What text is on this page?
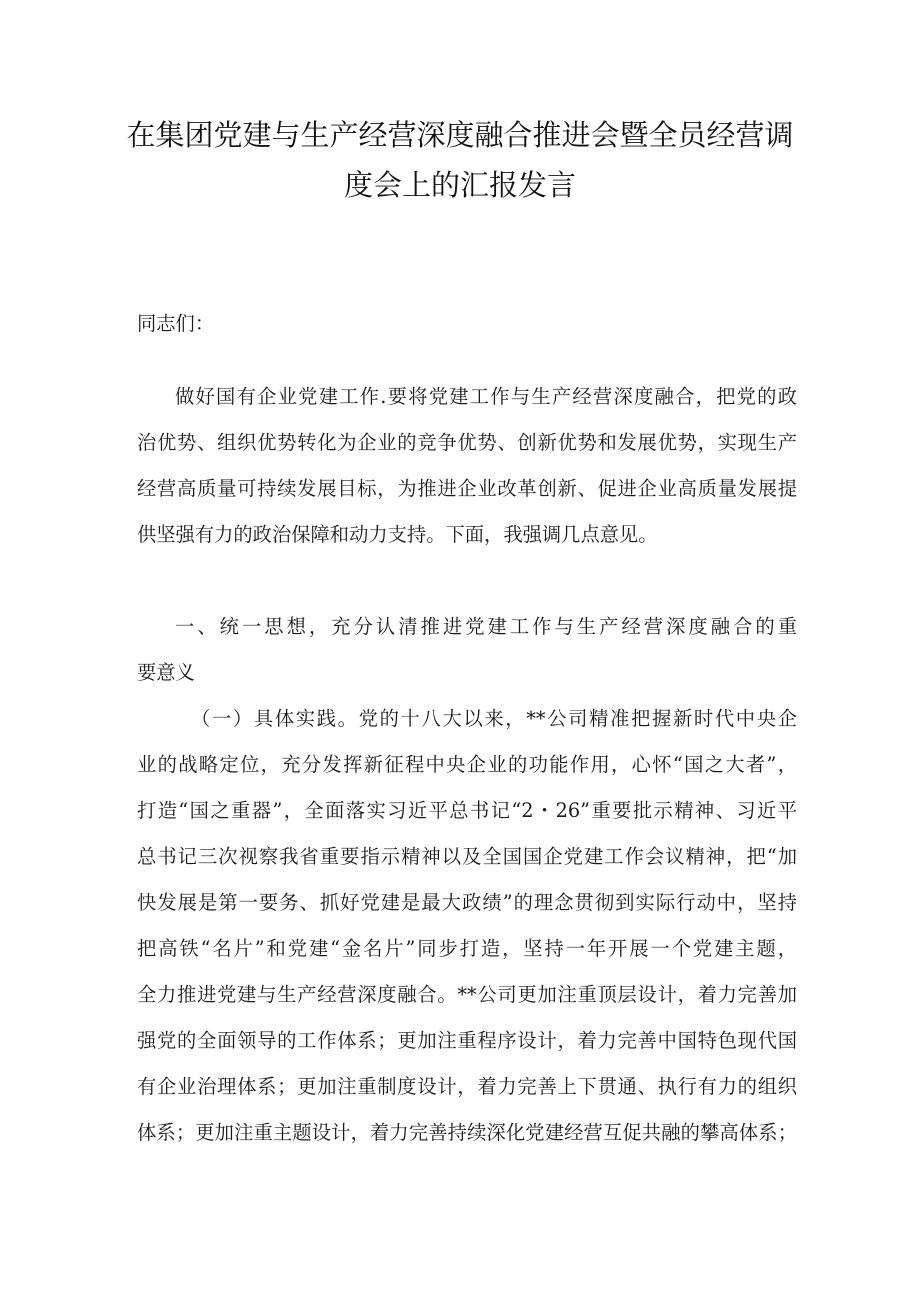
在集团党建与生产经营深度融合推进会暨全员经营调
度会上的汇报发言

同志们：

做好国有企业党建工作.要将党建工作与生产经营深度融合，把党的政
治优势、组织优势转化为企业的竞争优势、创新优势和发展优势，实现生产
经营高质量可持续发展目标，为推进企业改革创新、促进企业高质量发展提
供坚强有力的政治保障和动力支持。下面，我强调几点意见。
一、统一思想，充分认清推进党建工作与生产经营深度融合的重
要意义
（一）具体实践。党的十八大以来，**公司精准把握新时代中央企
业的战略定位，充分发挥新征程中央企业的功能作用，心怀“国之大者”，
打造“国之重器”，全面落实习近平总书记“2・26”重要批示精神、习近平
总书记三次视察我省重要指示精神以及全国国企党建工作会议精神，把“加
快发展是第一要务、抓好党建是最大政绩”的理念贯彻到实际行动中，坚持
把高铁“名片”和党建“金名片”同步打造，坚持一年开展一个党建主题，
全力推进党建与生产经营深度融合。**公司更加注重顶层设计，着力完善加
强党的全面领导的工作体系；更加注重程序设计，着力完善中国特色现代国
有企业治理体系；更加注重制度设计，着力完善上下贯通、执行有力的组织
体系；更加注重主题设计，着力完善持续深化党建经营互促共融的攀高体系；
